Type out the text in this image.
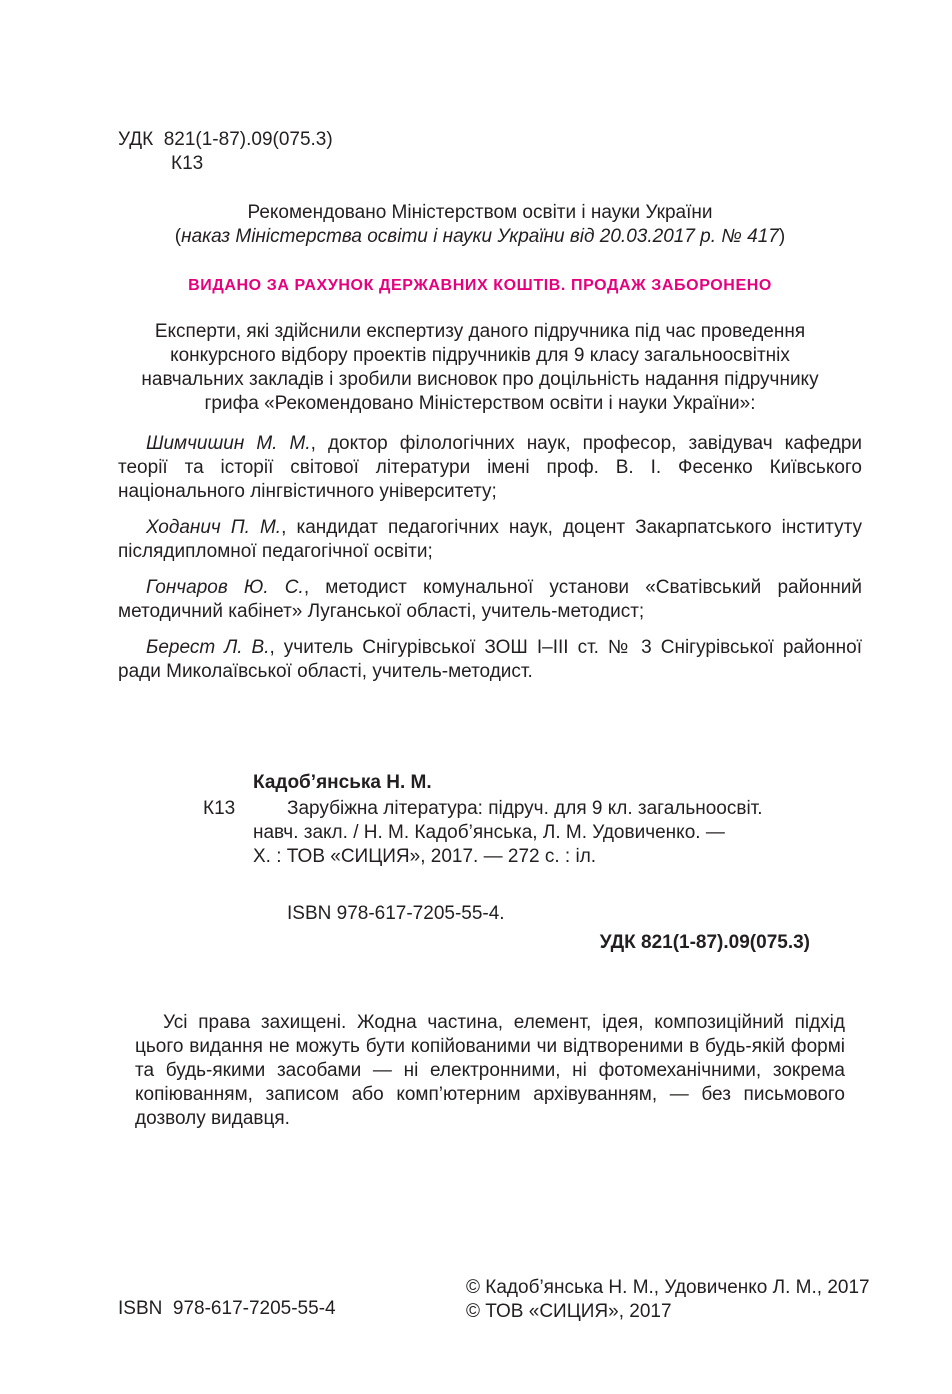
УДК  821(1-87).09(075.3)
К13
Рекомендовано Міністерством освіти і науки України
(наказ Міністерства освіти і науки України від 20.03.2017 р. № 417)
ВИДАНО ЗА РАХУНОК ДЕРЖАВНИХ КОШТІВ. ПРОДАЖ ЗАБОРОНЕНО
Експерти, які здійснили експертизу даного підручника під час проведення
конкурсного відбору проектів підручників для 9 класу загальноосвітніх
навчальних закладів і зробили висновок про доцільність надання підручнику
грифа «Рекомендовано Міністерством освіти і науки України»:

Шимчишин М. М., доктор філологічних наук, професор, завідувач кафедри теорії та історії світової літератури імені проф. В. І. Фесенко Київського національного лінгвістичного університету;

Ходанич П. М., кандидат педагогічних наук, доцент Закарпатського інституту післядипломної педагогічної освіти;

Гончаров Ю. С., методист комунальної установи «Сватівський районний методичний кабінет» Луганської області, учитель-методист;

Берест Л. В., учитель Снігурівської ЗОШ І–ІІІ ст. № 3 Снігурівської районної ради Миколаївської області, учитель-методист.

Кадоб’янська Н. М.
К13	Зарубіжна література: підруч. для 9 кл. загальноосвіт.
навч. закл. / Н. М. Кадоб’янська, Л. М. Удовиченко. —
Х. : ТОВ «СИЦИЯ», 2017. — 272 с. : іл.
ISBN 978-617-7205-55-4.
УДК 821(1-87).09(075.3)
Усі права захищені. Жодна частина, елемент, ідея, композиційний підхід цього видання не можуть бути копійованими чи відтвореними в будь-якій формі та будь-якими засобами — ні електронними, ні фотомеханічними, зокрема копіюванням, записом або комп’ютерним архівуванням, — без письмового дозволу видавця.
ISBN  978-617-7205-55-4
© Кадоб’янська Н. М., Удовиченко Л. М., 2017
© ТОВ «СИЦИЯ», 2017
